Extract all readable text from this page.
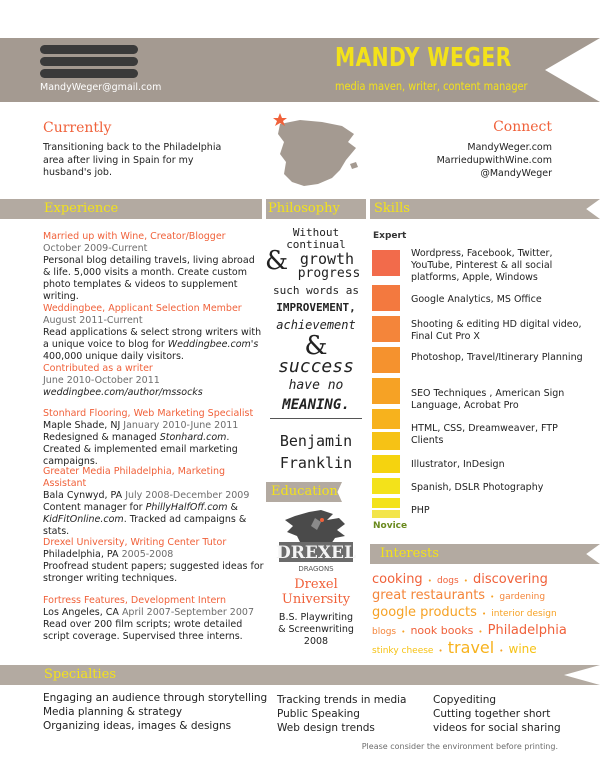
MandyWeger@gmail.com
MANDY WEGER
media maven, writer, content manager
Currently
Transitioning back to the Philadelphia area after living in Spain for my husband's job.
Connect
MandyWeger.com
MarriedupwithWine.com
@MandyWeger
Experience	Philosophy	Skills
Married up with Wine, Creator/Blogger
October 2009-Current
Personal blog detailing travels, living abroad & life. 5,000 visits a month. Create custom photo templates & videos to supplement writing.
Weddingbee, Applicant Selection Member
August 2011-Current
Read applications & select strong writers with a unique voice to blog for Weddingbee.com's 400,000 unique daily visitors.
Contributed as a writer
June 2010-October 2011
weddingbee.com/author/mssocks
Stonhard Flooring, Web Marketing Specialist
Maple Shade, NJ January 2010-June 2011
Redesigned & managed Stonhard.com. Created & implemented email marketing campaigns.
Greater Media Philadelphia, Marketing Assistant
Bala Cynwyd, PA July 2008-December 2009
Content manager for PhillyHalfOff.com & KidFitOnline.com. Tracked ad campaigns & stats.
Drexel University, Writing Center Tutor
Philadelphia, PA 2005-2008
Proofread student papers; suggested ideas for stronger writing techniques.
Fortress Features, Development Intern
Los Angeles, CA April 2007-September 2007
Read over 200 film scripts; wrote detailed script coverage. Supervised three interns.
Without
continual
growth
& progress
such words as
IMPROVEMENT,
achievement
&
success
have no
MEANING.
Benjamin
Franklin
Education
DREXEL
DRAGONS
Drexel
University
B.S. Playwriting
& Screenwriting
2008
Expert
Wordpress, Facebook, Twitter, YouTube, Pinterest & all social platforms, Apple, Windows
Google Analytics, MS Office
Shooting & editing HD digital video, Final Cut Pro X
Photoshop, Travel/Itinerary Planning
SEO Techniques , American Sign Language, Acrobat Pro
HTML, CSS, Dreamweaver, FTP Clients
Illustrator, InDesign
Spanish, DSLR Photography
PHP
Novice
Interests
cooking • dogs • discovering
great restaurants • gardening
google products • interior design
blogs • nook books • Philadelphia
stinky cheese • travel • wine
Specialties
Engaging an audience through storytelling
Media planning & strategy
Organizing ideas, images & designs
Tracking trends in media
Public Speaking
Web design trends
Copyediting
Cutting together short
videos for social sharing
Please consider the environment before printing.
